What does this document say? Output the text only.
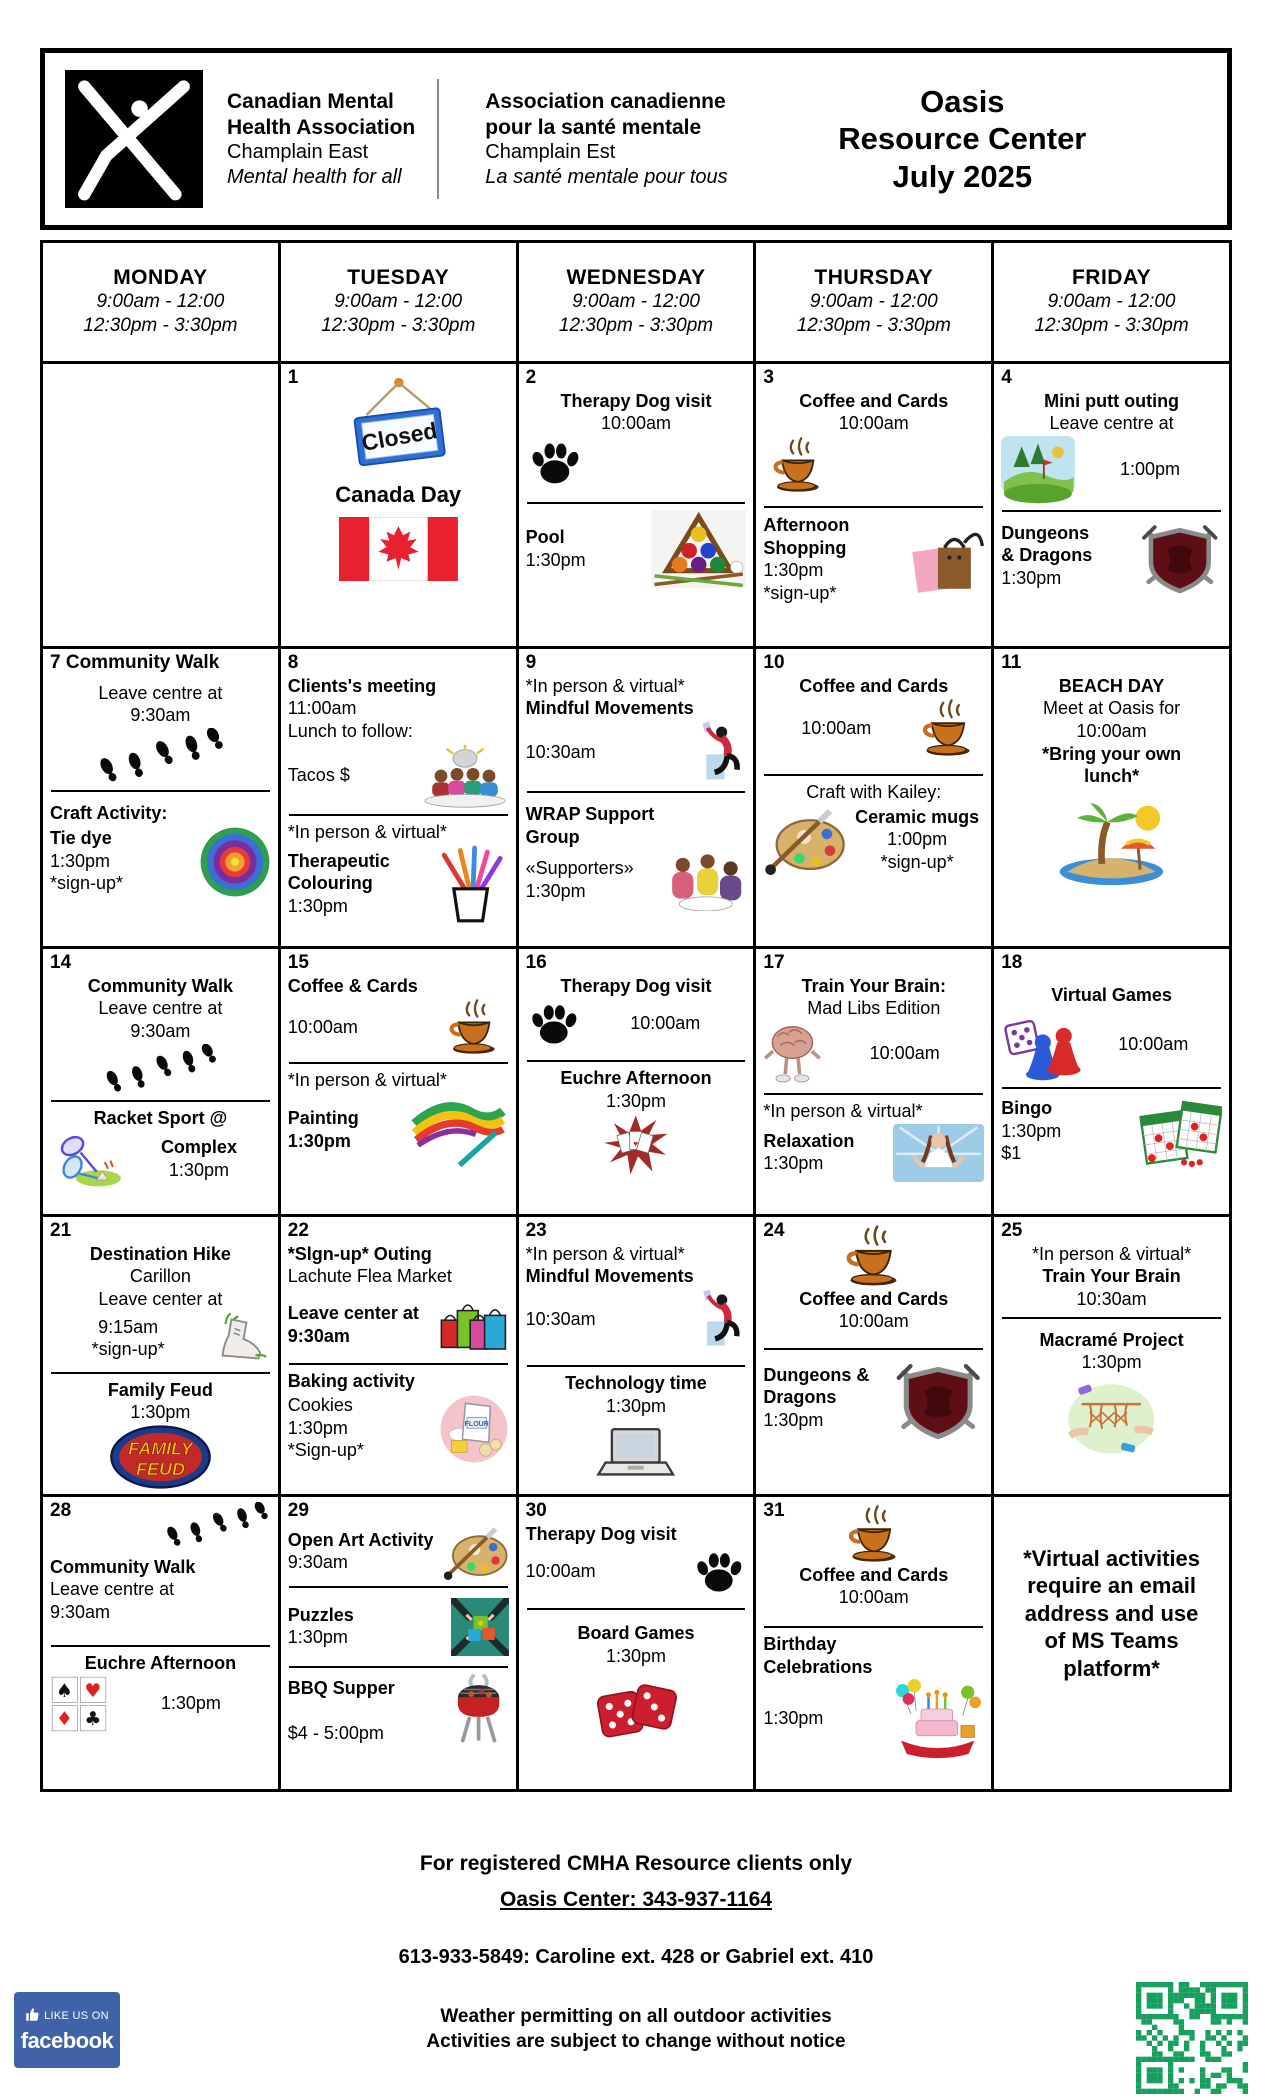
Canadian Mental
Health Association
Champlain East
Mental health for all
Association canadienne
pour la santé mentale
Champlain Est
La santé mentale pour tous
Oasis
Resource Center
July 2025
MONDAY
9:00am - 12:00
12:30pm - 3:30pm
TUESDAY
9:00am - 12:00
12:30pm - 3:30pm
WEDNESDAY
9:00am - 12:00
12:30pm - 3:30pm
THURSDAY
9:00am - 12:00
12:30pm - 3:30pm
FRIDAY
9:00am - 12:00
12:30pm - 3:30pm
1
Closed
Canada Day
2
Therapy Dog visit
10:00am
Pool
1:30pm
3
Coffee and Cards
10:00am
Afternoon
Shopping
1:30pm
*sign-up*
4
Mini putt outing
Leave centre at
1:00pm
Dungeons
& Dragons
1:30pm
7 Community Walk
Leave centre at
9:30am
Craft Activity:
Tie dye
1:30pm
*sign-up*
8
Clients's meeting
11:00am
Lunch to follow:
Tacos $
*In person & virtual*
Therapeutic
Colouring
1:30pm
9
*In person & virtual*
Mindful Movements
10:30am
WRAP Support
Group
«Supporters»
1:30pm
10
Coffee and Cards
10:00am
Craft with Kailey:
Ceramic mugs
1:00pm
*sign-up*
11
BEACH DAY
Meet at Oasis for
10:00am
*Bring your own
lunch*
14
Community Walk
Leave centre at
9:30am
Racket Sport @
Complex
1:30pm
15
Coffee & Cards
10:00am
*In person & virtual*
Painting
1:30pm
16
Therapy Dog visit
10:00am
Euchre Afternoon
1:30pm
♥
17
Train Your Brain:
Mad Libs Edition
10:00am
*In person & virtual*
Relaxation
1:30pm
18
Virtual Games
10:00am
Bingo
1:30pm
$1
21
Destination Hike
Carillon
Leave center at
9:15am
*sign-up*
Family Feud
1:30pm
FAMILY
FEUD
22
*Slgn-up* Outing
Lachute Flea Market
Leave center at
9:30am
Baking activity
Cookies
1:30pm
*Sign-up*
FLOUR
23
*In person & virtual*
Mindful Movements
10:30am
Technology time
1:30pm
24
Coffee and Cards
10:00am
Dungeons &
Dragons
1:30pm
25
*In person & virtual*
Train Your Brain
10:30am
Macramé Project
1:30pm
28
Community Walk
Leave centre at
9:30am
Euchre Afternoon
♠ ♥
♦ ♣
1:30pm
29
Open Art Activity
9:30am
Puzzles
1:30pm
BBQ Supper

$4 - 5:00pm
30
Therapy Dog visit
10:00am
Board Games
1:30pm
31
Coffee and Cards
10:00am
Birthday
Celebrations
1:30pm
*Virtual activities
require an email
address and use
of MS Teams
platform*
For registered CMHA Resource clients only
Oasis Center: 343-937-1164
613-933-5849: Caroline ext. 428 or Gabriel ext. 410
Weather permitting on all outdoor activities
Activities are subject to change without notice
LIKE US ON
facebook
